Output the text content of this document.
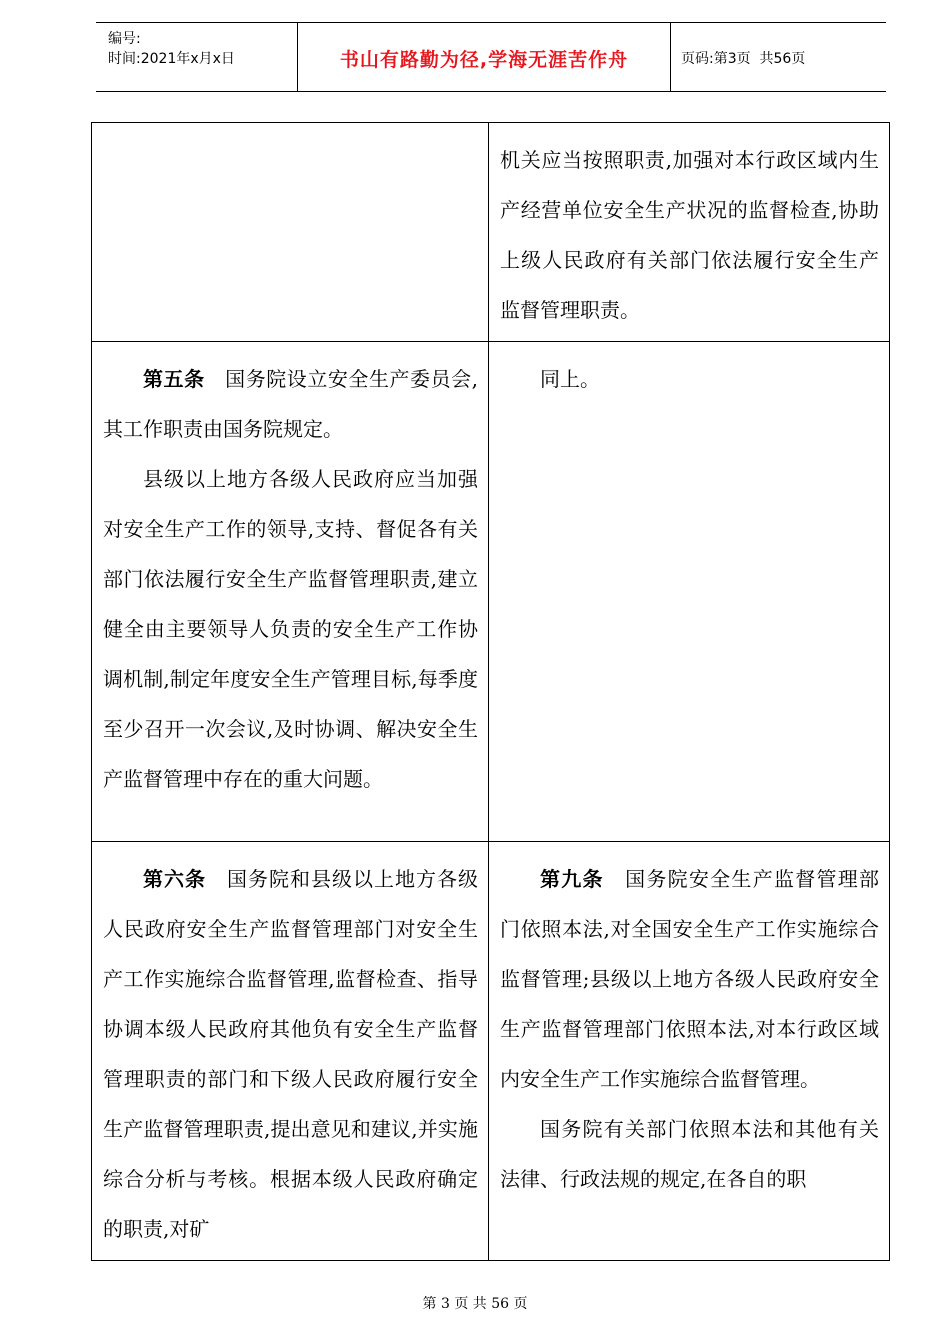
编号:
时间:2021年x月x日	书山有路勤为径,学海无涯苦作舟	页码:第3页  共56页

	机关应当按照职责,加强对本行政区域内生产经营单位安全生产状况的监督检查,协助上级人民政府有关部门依法履行安全生产监督管理职责。

第五条　 国务院设立安全生产委员会,其工作职责由国务院规定。

县级以上地方各级人民政府应当加强对安全生产工作的领导,支持、督促各有关部门依法履行安全生产监督管理职责,建立健全由主要领导人负责的安全生产工作协调机制,制定年度安全生产管理目标,每季度至少召开一次会议,及时协调、解决安全生产监督管理中存在的重大问题。	同上。

第六条　 国务院和县级以上地方各级人民政府安全生产监督管理部门对安全生产工作实施综合监督管理,监督检查、指导协调本级人民政府其他负有安全生产监督管理职责的部门和下级人民政府履行安全生产监督管理职责,提出意见和建议,并实施综合分析与考核。根据本级人民政府确定的职责,对矿	第九条　 国务院安全生产监督管理部门依照本法,对全国安全生产工作实施综合监督管理;县级以上地方各级人民政府安全生产监督管理部门依照本法,对本行政区域内安全生产工作实施综合监督管理。

国务院有关部门依照本法和其他有关法律、行政法规的规定,在各自的职

第 3 页 共 56 页
